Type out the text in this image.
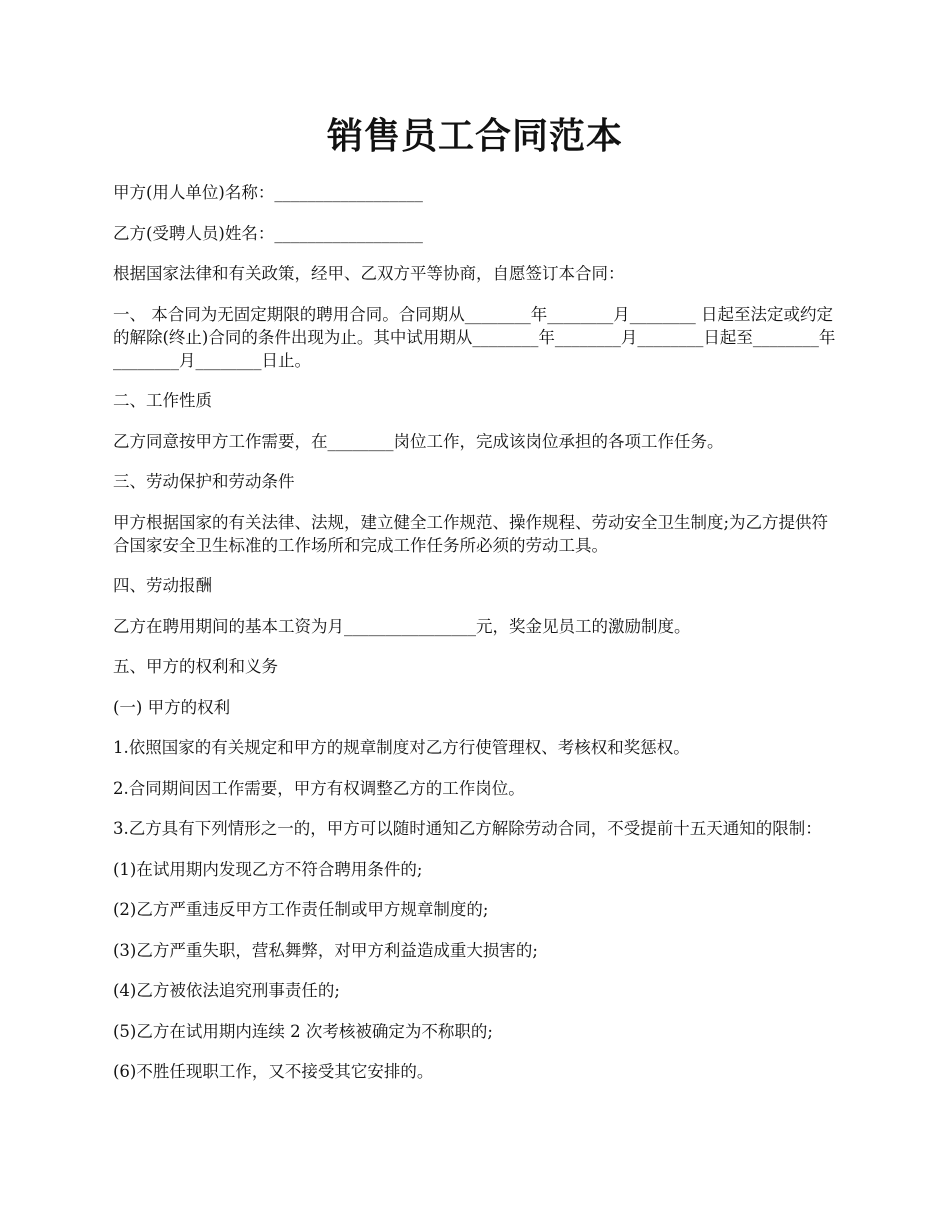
销售员工合同范本

甲方(用人单位)名称：__________________

乙方(受聘人员)姓名：__________________

根据国家法律和有关政策，经甲、乙双方平等协商，自愿签订本合同：

一、 本合同为无固定期限的聘用合同。合同期从________年________月________ 日起至法定或约定的解除(终止)合同的条件出现为止。其中试用期从________年________月________日起至________年________月________日止。

二、工作性质

乙方同意按甲方工作需要，在________岗位工作，完成该岗位承担的各项工作任务。

三、劳动保护和劳动条件

甲方根据国家的有关法律、法规，建立健全工作规范、操作规程、劳动安全卫生制度;为乙方提供符合国家安全卫生标准的工作场所和完成工作任务所必须的劳动工具。

四、劳动报酬

乙方在聘用期间的基本工资为月________________元，奖金见员工的激励制度。

五、甲方的权利和义务

(一) 甲方的权利

1.依照国家的有关规定和甲方的规章制度对乙方行使管理权、考核权和奖惩权。

2.合同期间因工作需要，甲方有权调整乙方的工作岗位。

3.乙方具有下列情形之一的，甲方可以随时通知乙方解除劳动合同，不受提前十五天通知的限制：

(1)在试用期内发现乙方不符合聘用条件的;

(2)乙方严重违反甲方工作责任制或甲方规章制度的;

(3)乙方严重失职，营私舞弊，对甲方利益造成重大损害的;

(4)乙方被依法追究刑事责任的;

(5)乙方在试用期内连续 2 次考核被确定为不称职的;

(6)不胜任现职工作，又不接受其它安排的。
